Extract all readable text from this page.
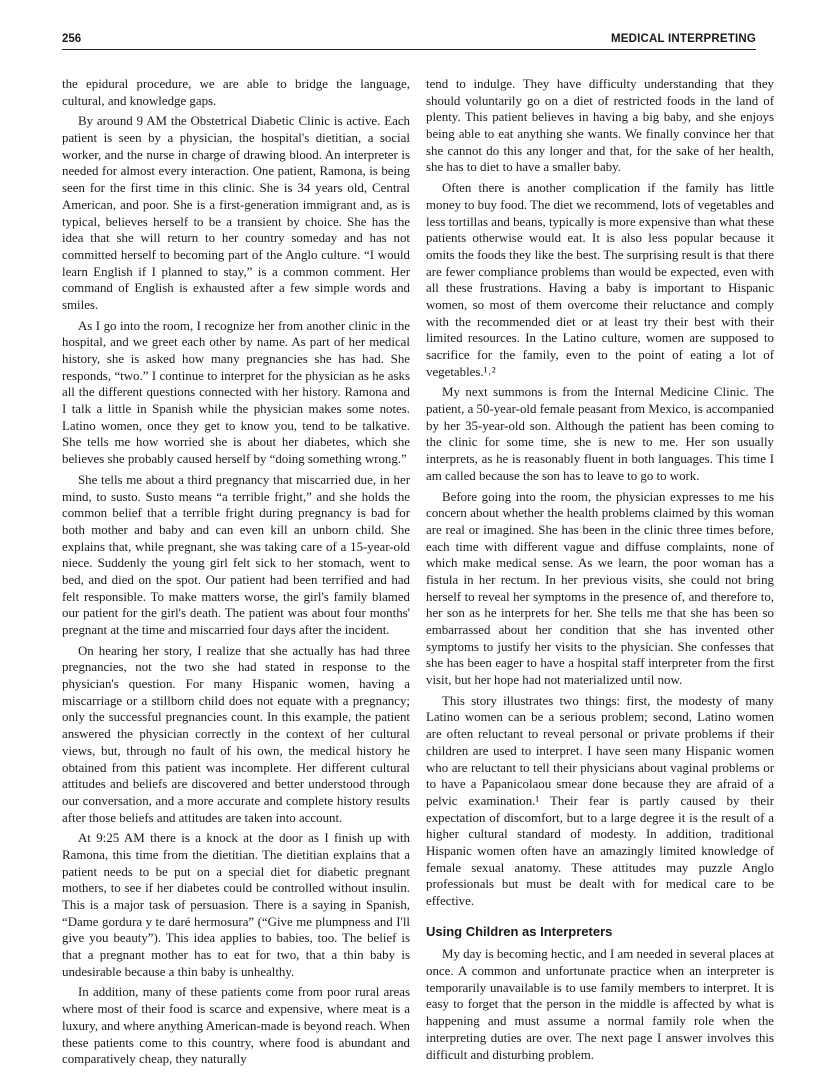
256	MEDICAL INTERPRETING

the epidural procedure, we are able to bridge the language, cultural, and knowledge gaps.

By around 9 AM the Obstetrical Diabetic Clinic is active. Each patient is seen by a physician, the hospital's dietitian, a social worker, and the nurse in charge of drawing blood. An interpreter is needed for almost every interaction. One patient, Ramona, is being seen for the first time in this clinic. She is 34 years old, Central American, and poor. She is a first-generation immigrant and, as is typical, believes herself to be a transient by choice. She has the idea that she will return to her country someday and has not committed herself to becoming part of the Anglo culture. “I would learn English if I planned to stay,” is a common comment. Her command of English is exhausted after a few simple words and smiles.

As I go into the room, I recognize her from another clinic in the hospital, and we greet each other by name. As part of her medical history, she is asked how many pregnancies she has had. She responds, “two.” I continue to interpret for the physician as he asks all the different questions connected with her history. Ramona and I talk a little in Spanish while the physician makes some notes. Latino women, once they get to know you, tend to be talkative. She tells me how worried she is about her diabetes, which she believes she probably caused herself by “doing something wrong.”

She tells me about a third pregnancy that miscarried due, in her mind, to susto. Susto means “a terrible fright,” and she holds the common belief that a terrible fright during pregnancy is bad for both mother and baby and can even kill an unborn child. She explains that, while pregnant, she was taking care of a 15-year-old niece. Suddenly the young girl felt sick to her stomach, went to bed, and died on the spot. Our patient had been terrified and had felt responsible. To make matters worse, the girl's family blamed our patient for the girl's death. The patient was about four months' pregnant at the time and miscarried four days after the incident.

On hearing her story, I realize that she actually has had three pregnancies, not the two she had stated in response to the physician's question. For many Hispanic women, having a miscarriage or a stillborn child does not equate with a pregnancy; only the successful pregnancies count. In this example, the patient answered the physician correctly in the context of her cultural views, but, through no fault of his own, the medical history he obtained from this patient was incomplete. Her different cultural attitudes and beliefs are discovered and better understood through our conversation, and a more accurate and complete history results after those beliefs and attitudes are taken into account.

At 9:25 AM there is a knock at the door as I finish up with Ramona, this time from the dietitian. The dietitian explains that a patient needs to be put on a special diet for diabetic pregnant mothers, to see if her diabetes could be controlled without insulin. This is a major task of persuasion. There is a saying in Spanish, “Dame gordura y te daré hermosura” (“Give me plumpness and I'll give you beauty”). This idea applies to babies, too. The belief is that a pregnant mother has to eat for two, that a thin baby is undesirable because a thin baby is unhealthy.

In addition, many of these patients come from poor rural areas where most of their food is scarce and expensive, where meat is a luxury, and where anything American-made is beyond reach. When these patients come to this country, where food is abundant and comparatively cheap, they naturally

tend to indulge. They have difficulty understanding that they should voluntarily go on a diet of restricted foods in the land of plenty. This patient believes in having a big baby, and she enjoys being able to eat anything she wants. We finally convince her that she cannot do this any longer and that, for the sake of her health, she has to diet to have a smaller baby.

Often there is another complication if the family has little money to buy food. The diet we recommend, lots of vegetables and less tortillas and beans, typically is more expensive than what these patients otherwise would eat. It is also less popular because it omits the foods they like the best. The surprising result is that there are fewer compliance problems than would be expected, even with all these frustrations. Having a baby is important to Hispanic women, so most of them overcome their reluctance and comply with the recommended diet or at least try their best with their limited resources. In the Latino culture, women are supposed to sacrifice for the family, even to the point of eating a lot of vegetables.¹˒²

My next summons is from the Internal Medicine Clinic. The patient, a 50-year-old female peasant from Mexico, is accompanied by her 35-year-old son. Although the patient has been coming to the clinic for some time, she is new to me. Her son usually interprets, as he is reasonably fluent in both languages. This time I am called because the son has to leave to go to work.

Before going into the room, the physician expresses to me his concern about whether the health problems claimed by this woman are real or imagined. She has been in the clinic three times before, each time with different vague and diffuse complaints, none of which make medical sense. As we learn, the poor woman has a fistula in her rectum. In her previous visits, she could not bring herself to reveal her symptoms in the presence of, and therefore to, her son as he interprets for her. She tells me that she has been so embarrassed about her condition that she has invented other symptoms to justify her visits to the physician. She confesses that she has been eager to have a hospital staff interpreter from the first visit, but her hope had not materialized until now.

This story illustrates two things: first, the modesty of many Latino women can be a serious problem; second, Latino women are often reluctant to reveal personal or private problems if their children are used to interpret. I have seen many Hispanic women who are reluctant to tell their physicians about vaginal problems or to have a Papanicolaou smear done because they are afraid of a pelvic examination.¹ Their fear is partly caused by their expectation of discomfort, but to a large degree it is the result of a higher cultural standard of modesty. In addition, traditional Hispanic women often have an amazingly limited knowledge of female sexual anatomy. These attitudes may puzzle Anglo professionals but must be dealt with for medical care to be effective.

Using Children as Interpreters

My day is becoming hectic, and I am needed in several places at once. A common and unfortunate practice when an interpreter is temporarily unavailable is to use family members to interpret. It is easy to forget that the person in the middle is affected by what is happening and must assume a normal family role when the interpreting duties are over. The next page I answer involves this difficult and disturbing problem.
